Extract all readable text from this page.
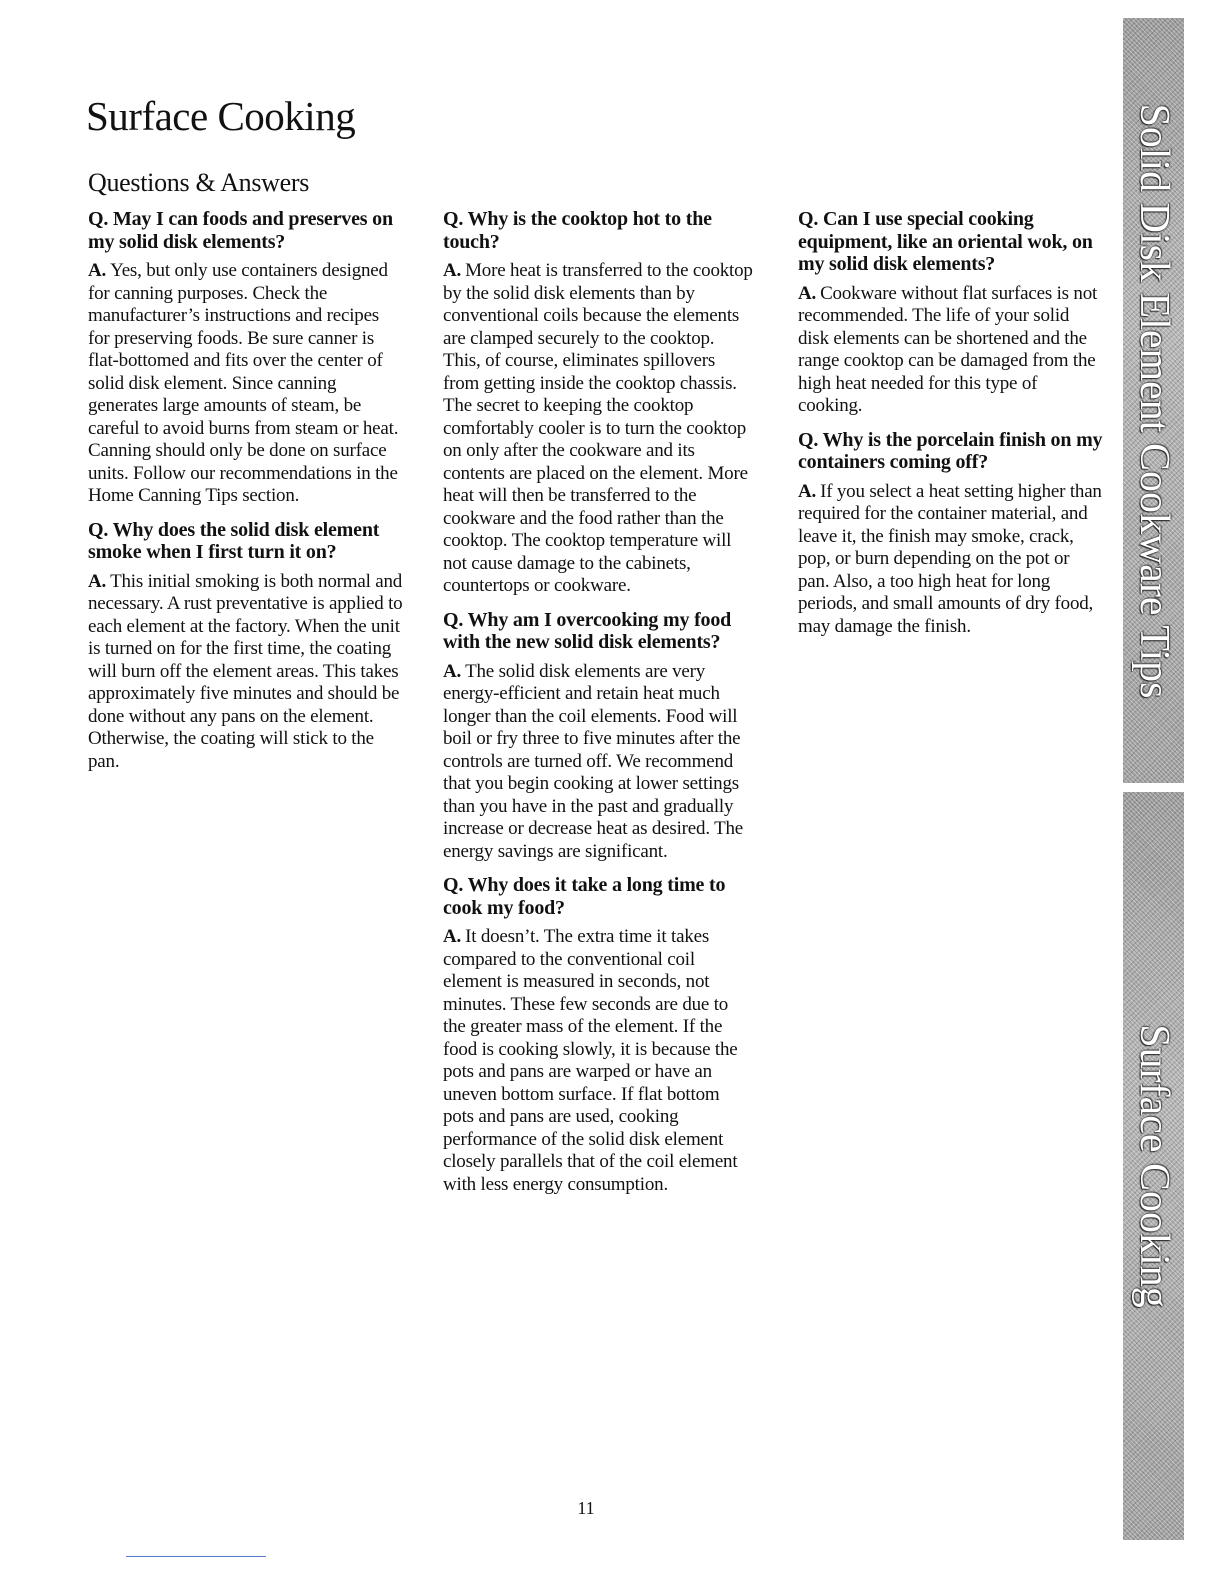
Surface Cooking
Questions & Answers

Q. May I can foods and preserves on my solid disk elements?

A. Yes, but only use containers designed for canning purposes. Check the manufacturer’s instructions and recipes for preserving foods. Be sure canner is flat-bottomed and fits over the center of solid disk element. Since canning generates large amounts of steam, be careful to avoid burns from steam or heat. Canning should only be done on surface units. Follow our recommendations in the Home Canning Tips section.

Q. Why does the solid disk element smoke when I first turn it on?

A. This initial smoking is both normal and necessary. A rust preventative is applied to each element at the factory. When the unit is turned on for the first time, the coating will burn off the element areas. This takes approximately five minutes and should be done without any pans on the element. Otherwise, the coating will stick to the pan.

Q. Why is the cooktop hot to the touch?

A. More heat is transferred to the cooktop by the solid disk elements than by conventional coils because the elements are clamped securely to the cooktop. This, of course, eliminates spillovers from getting inside the cooktop chassis. The secret to keeping the cooktop comfortably cooler is to turn the cooktop on only after the cookware and its contents are placed on the element. More heat will then be transferred to the cookware and the food rather than the cooktop. The cooktop temperature will not cause damage to the cabinets, countertops or cookware.

Q. Why am I overcooking my food with the new solid disk elements?

A. The solid disk elements are very energy-efficient and retain heat much longer than the coil elements. Food will boil or fry three to five minutes after the controls are turned off. We recommend that you begin cooking at lower settings than you have in the past and gradually increase or decrease heat as desired. The energy savings are significant.

Q. Why does it take a long time to cook my food?

A. It doesn’t. The extra time it takes compared to the conventional coil element is measured in seconds, not minutes. These few seconds are due to the greater mass of the element. If the food is cooking slowly, it is because the pots and pans are warped or have an uneven bottom surface. If flat bottom pots and pans are used, cooking performance of the solid disk element closely parallels that of the coil element with less energy consumption.

Q. Can I use special cooking equipment, like an oriental wok, on my solid disk elements?

A. Cookware without flat surfaces is not recommended. The life of your solid disk elements can be shortened and the range cooktop can be damaged from the high heat needed for this type of cooking.

Q. Why is the porcelain finish on my containers coming off?

A. If you select a heat setting higher than required for the container material, and leave it, the finish may smoke, crack, pop, or burn depending on the pot or pan. Also, a too high heat for long periods, and small amounts of dry food, may damage the finish.	Solid Disk Element Cookware Tips
Surface Cooking

11
